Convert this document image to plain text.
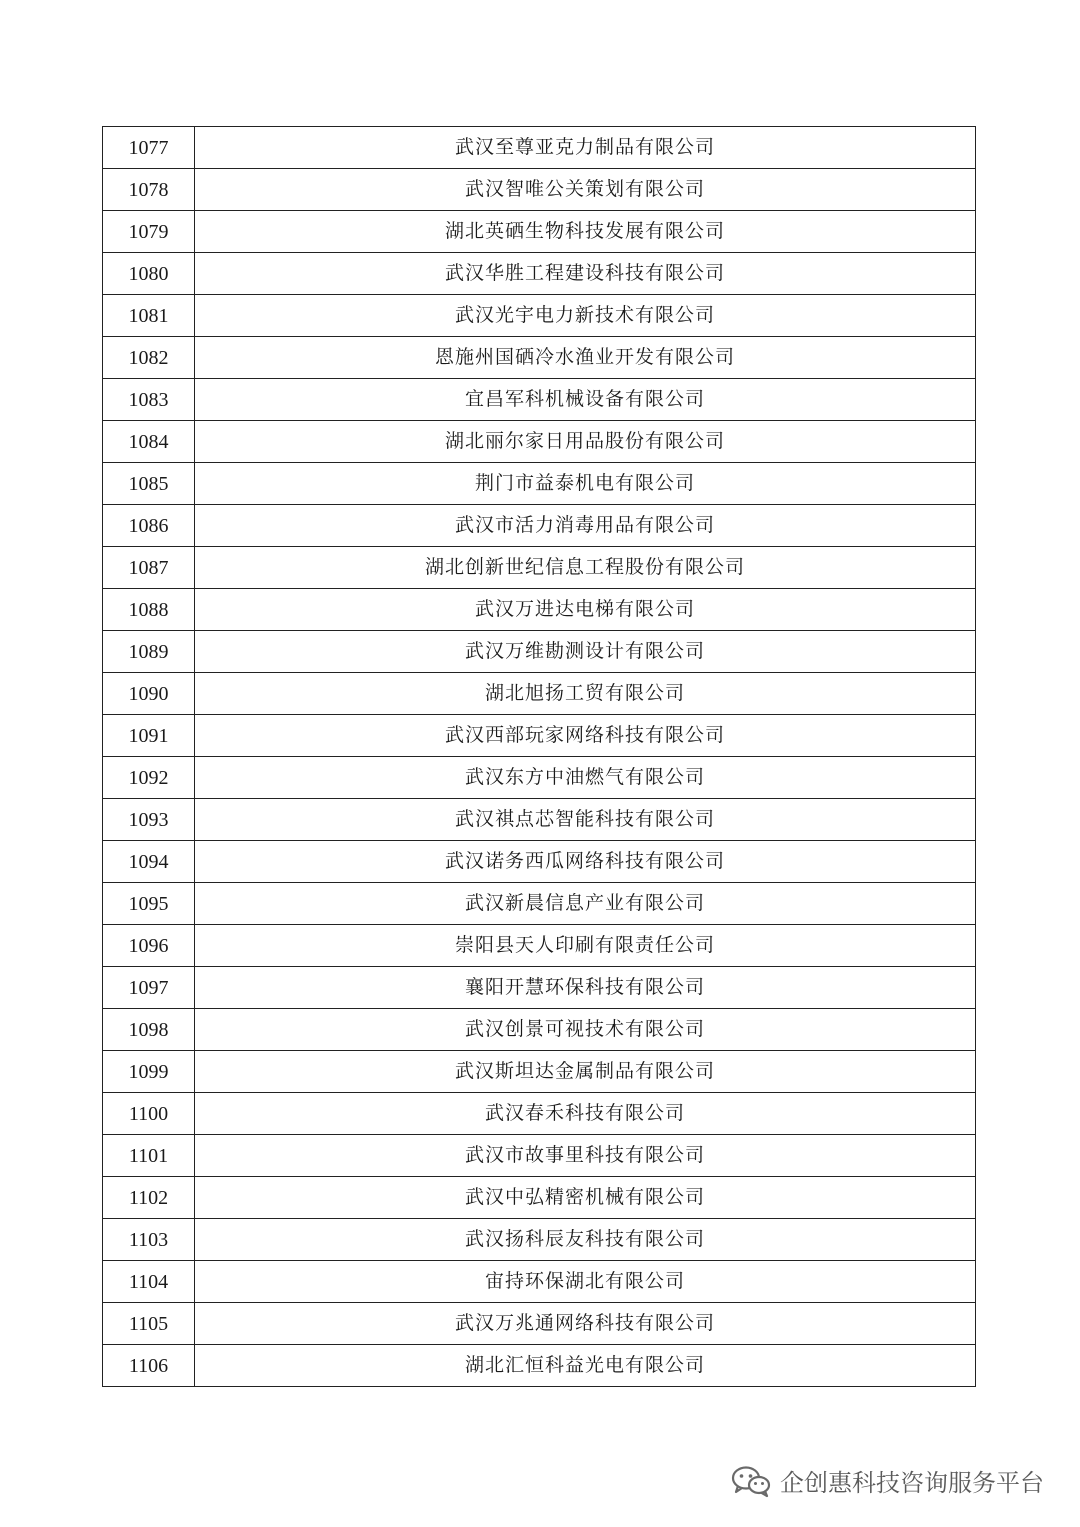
1077	武汉至尊亚克力制品有限公司
1078	武汉智唯公关策划有限公司
1079	湖北英硒生物科技发展有限公司
1080	武汉华胜工程建设科技有限公司
1081	武汉光宇电力新技术有限公司
1082	恩施州国硒冷水渔业开发有限公司
1083	宜昌军科机械设备有限公司
1084	湖北丽尔家日用品股份有限公司
1085	荆门市益泰机电有限公司
1086	武汉市活力消毒用品有限公司
1087	湖北创新世纪信息工程股份有限公司
1088	武汉万进达电梯有限公司
1089	武汉万维勘测设计有限公司
1090	湖北旭扬工贸有限公司
1091	武汉西部玩家网络科技有限公司
1092	武汉东方中油燃气有限公司
1093	武汉祺点芯智能科技有限公司
1094	武汉诺务西瓜网络科技有限公司
1095	武汉新晨信息产业有限公司
1096	崇阳县天人印刷有限责任公司
1097	襄阳开慧环保科技有限公司
1098	武汉创景可视技术有限公司
1099	武汉斯坦达金属制品有限公司
1100	武汉春禾科技有限公司
1101	武汉市故事里科技有限公司
1102	武汉中弘精密机械有限公司
1103	武汉扬科辰友科技有限公司
1104	宙持环保湖北有限公司
1105	武汉万兆通网络科技有限公司
1106	湖北汇恒科益光电有限公司
企创惠科技咨询服务平台
